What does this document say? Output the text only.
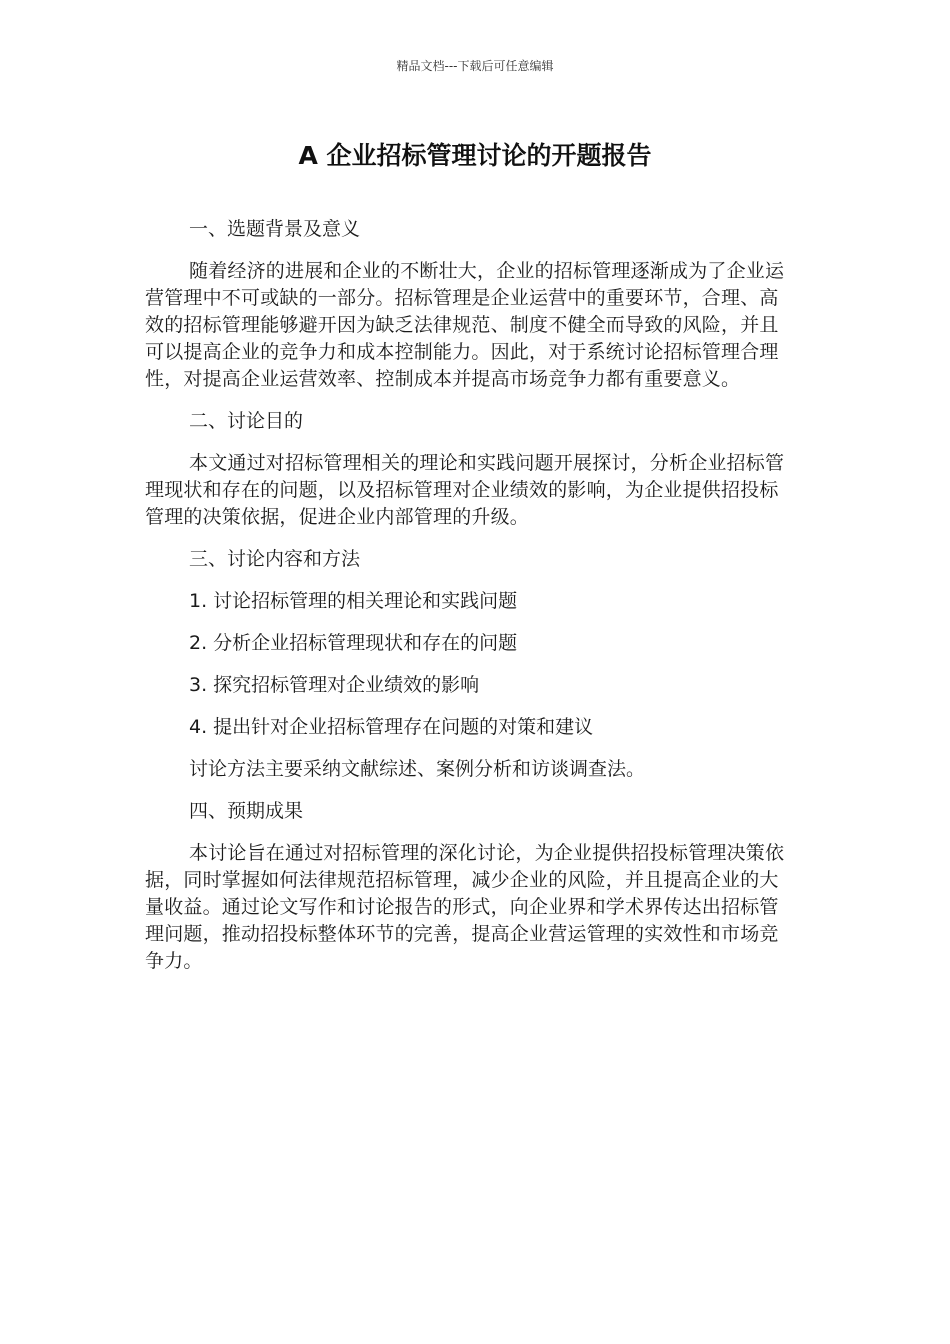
精品文档---下载后可任意编辑
A 企业招标管理讨论的开题报告

一、选题背景及意义

随着经济的进展和企业的不断壮大，企业的招标管理逐渐成为了企业运营管理中不可或缺的一部分。招标管理是企业运营中的重要环节，合理、高效的招标管理能够避开因为缺乏法律规范、制度不健全而导致的风险，并且可以提高企业的竞争力和成本控制能力。因此，对于系统讨论招标管理合理性，对提高企业运营效率、控制成本并提高市场竞争力都有重要意义。

二、讨论目的

本文通过对招标管理相关的理论和实践问题开展探讨，分析企业招标管理现状和存在的问题，以及招标管理对企业绩效的影响，为企业提供招投标管理的决策依据，促进企业内部管理的升级。

三、讨论内容和方法

1. 讨论招标管理的相关理论和实践问题

2. 分析企业招标管理现状和存在的问题

3. 探究招标管理对企业绩效的影响

4. 提出针对企业招标管理存在问题的对策和建议

讨论方法主要采纳文献综述、案例分析和访谈调查法。

四、预期成果

本讨论旨在通过对招标管理的深化讨论，为企业提供招投标管理决策依据，同时掌握如何法律规范招标管理，减少企业的风险，并且提高企业的大量收益。通过论文写作和讨论报告的形式，向企业界和学术界传达出招标管理问题，推动招投标整体环节的完善，提高企业营运管理的实效性和市场竞争力。
